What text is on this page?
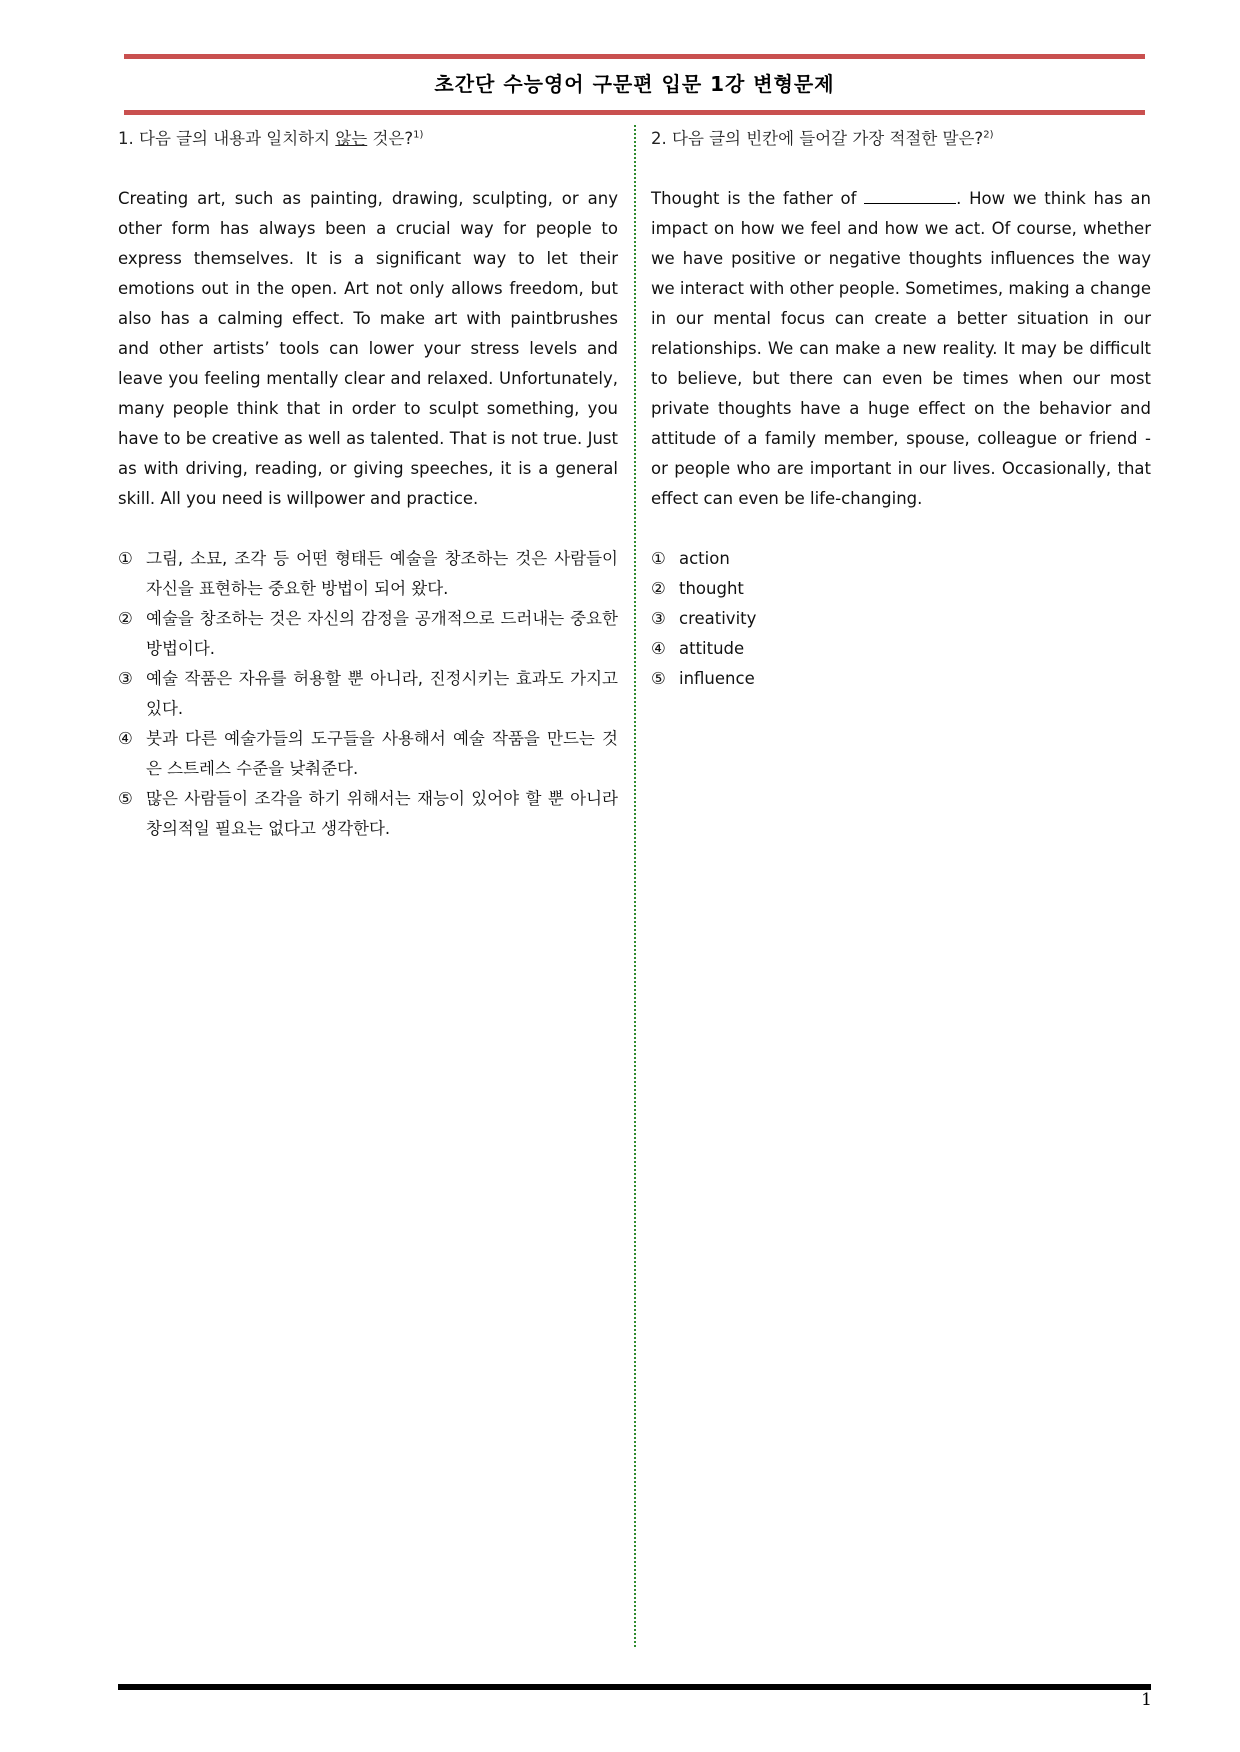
초간단 수능영어 구문편 입문 1강 변형문제

1. 다음 글의 내용과 일치하지 않는 것은?$^{1)}$

Creating art, such as painting, drawing, sculpting, or any other form has always been a crucial way for people to express themselves. It is a significant way to let their emotions out in the open. Art not only allows freedom, but also has a calming effect. To make art with paintbrushes and other artists’ tools can lower your stress levels and leave you feeling mentally clear and relaxed. Unfortunately, many people think that in order to sculpt something, you have to be creative as well as talented. That is not true. Just as with driving, reading, or giving speeches, it is a general skill. All you need is willpower and practice.

① 그림, 소묘, 조각 등 어떤 형태든 예술을 창조하는 것은 사람들이 자신을 표현하는 중요한 방법이 되어 왔다.
② 예술을 창조하는 것은 자신의 감정을 공개적으로 드러내는 중요한 방법이다.
③ 예술 작품은 자유를 허용할 뿐 아니라, 진정시키는 효과도 가지고 있다.
④ 붓과 다른 예술가들의 도구들을 사용해서 예술 작품을 만드는 것은 스트레스 수준을 낮춰준다.
⑤ 많은 사람들이 조각을 하기 위해서는 재능이 있어야 할 뿐 아니라 창의적일 필요는 없다고 생각한다.

2. 다음 글의 빈칸에 들어갈 가장 적절한 말은?$^{2)}$

Thought is the father of	. How we think has an impact on how we feel and how we act. Of course, whether we have positive or negative thoughts influences the way we interact with other people. Sometimes, making a change in our mental focus can create a better situation in our relationships. We can make a new reality. It may be difficult to believe, but there can even be times when our most private thoughts have a huge effect on the behavior and attitude of a family member, spouse, colleague or friend - or people who are important in our lives. Occasionally, that effect can even be life-changing.

① action
② thought
③ creativity
④ attitude
⑤ influence
1
